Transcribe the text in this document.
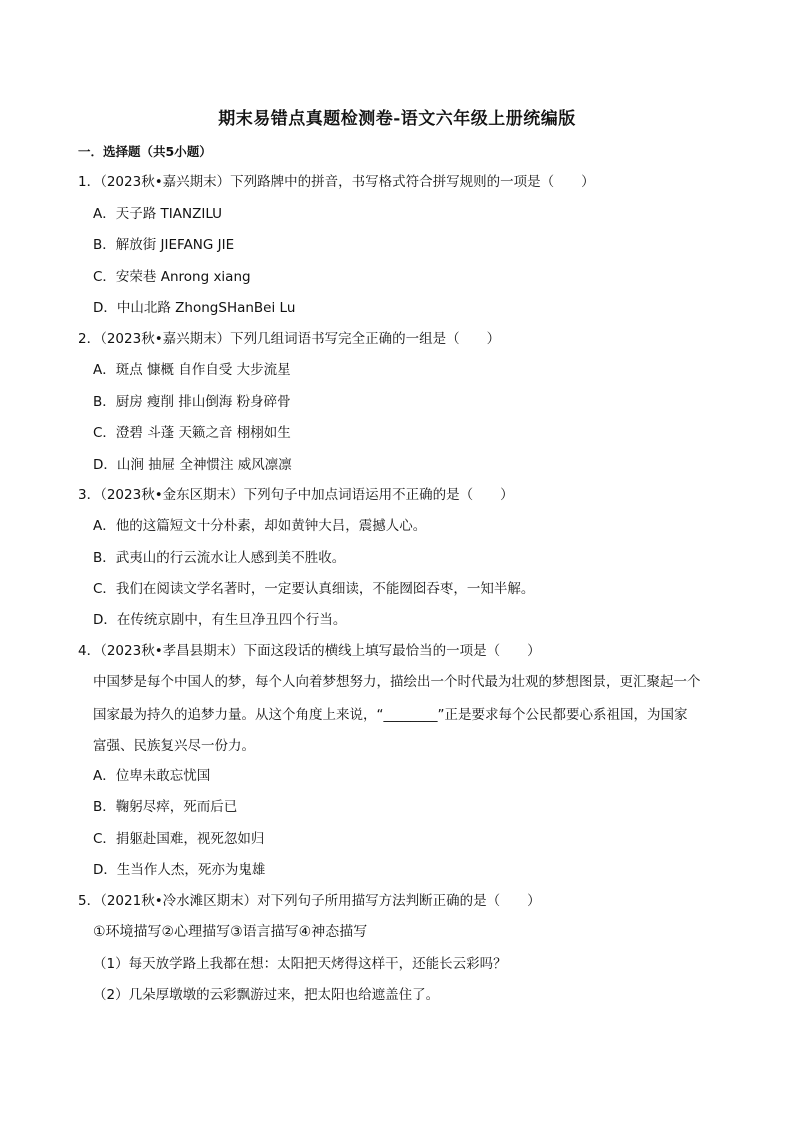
期末易错点真题检测卷-语文六年级上册统编版
一．选择题（共5小题）
1．（2023秋•嘉兴期末）下列路牌中的拼音，书写格式符合拼写规则的一项是（　　）
A．天子路 TIANZILU
B．解放街 JIEFANG JIE
C．安荣巷 Anrong xiang
D．中山北路 ZhongSHanBei Lu
2．（2023秋•嘉兴期末）下列几组词语书写完全正确的一组是（　　）
A．斑点 慷概 自作自受 大步流星
B．厨房 瘦削 排山倒海 粉身碎骨
C．澄碧 斗蓬 天籁之音 栩栩如生
D．山涧 抽屉 全神惯注 威风凛凛
3．（2023秋•金东区期末）下列句子中加点词语运用不正确的是（　　）
A．他的这篇短文十分朴素，却如黄钟大吕，震撼人心。
B．武夷山的行云流水让人感到美不胜收。
C．我们在阅读文学名著时，一定要认真细读，不能囫囵吞枣，一知半解。
D．在传统京剧中，有生旦净丑四个行当。
4．（2023秋•孝昌县期末）下面这段话的横线上填写最恰当的一项是（　　）
中国梦是每个中国人的梦，每个人向着梦想努力，描绘出一个时代最为壮观的梦想图景，更汇聚起一个
国家最为持久的追梦力量。从这个角度上来说，“________”正是要求每个公民都要心系祖国，为国家
富强、民族复兴尽一份力。
A．位卑未敢忘忧国
B．鞠躬尽瘁，死而后已
C．捐躯赴国难，视死忽如归
D．生当作人杰，死亦为鬼雄
5．（2021秋•冷水滩区期末）对下列句子所用描写方法判断正确的是（　　）
①环境描写②心理描写③语言描写④神态描写
（1）每天放学路上我都在想：太阳把天烤得这样干，还能长云彩吗？
（2）几朵厚墩墩的云彩飘游过来，把太阳也给遮盖住了。
